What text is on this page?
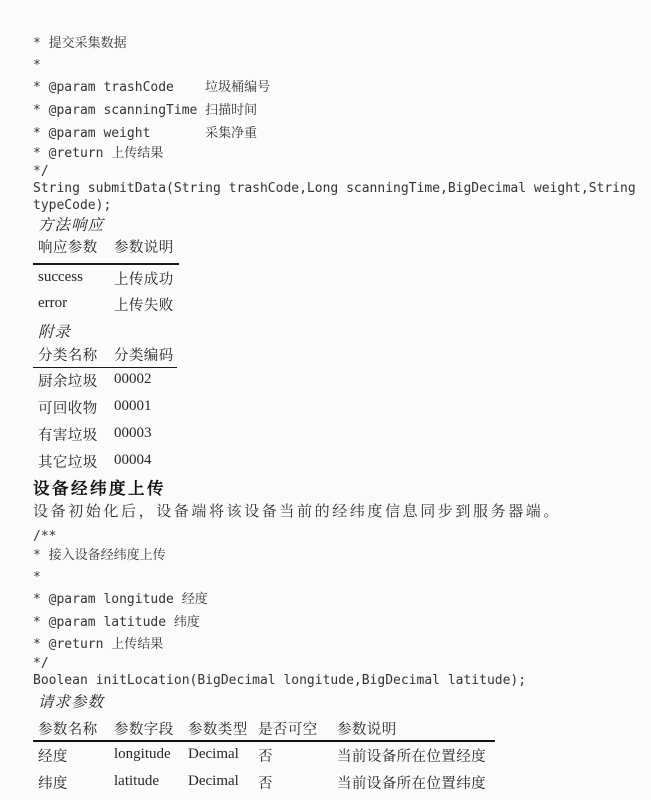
* 提交采集数据
*
* @param trashCode    垃圾桶编号
* @param scanningTime 扫描时间
* @param weight       采集净重
* @return 上传结果
*/
String submitData(String trashCode,Long scanningTime,BigDecimal weight,String typeCode);
方法响应
响应参数	参数说明
success	上传成功
error	上传失败
附录
分类名称	分类编码
厨余垃圾	00002
可回收物	00001
有害垃圾	00003
其它垃圾	00004
设备经纬度上传
设备初始化后，设备端将该设备当前的经纬度信息同步到服务器端。
/**
* 接入设备经纬度上传
*
* @param longitude 经度
* @param latitude 纬度
* @return 上传结果
*/
Boolean initLocation(BigDecimal longitude,BigDecimal latitude);
请求参数
参数名称	参数字段 参数类型 是否可空	参数说明
经度	longitude	Decimal	否	当前设备所在位置经度
纬度	latitude	Decimal	否	当前设备所在位置纬度
